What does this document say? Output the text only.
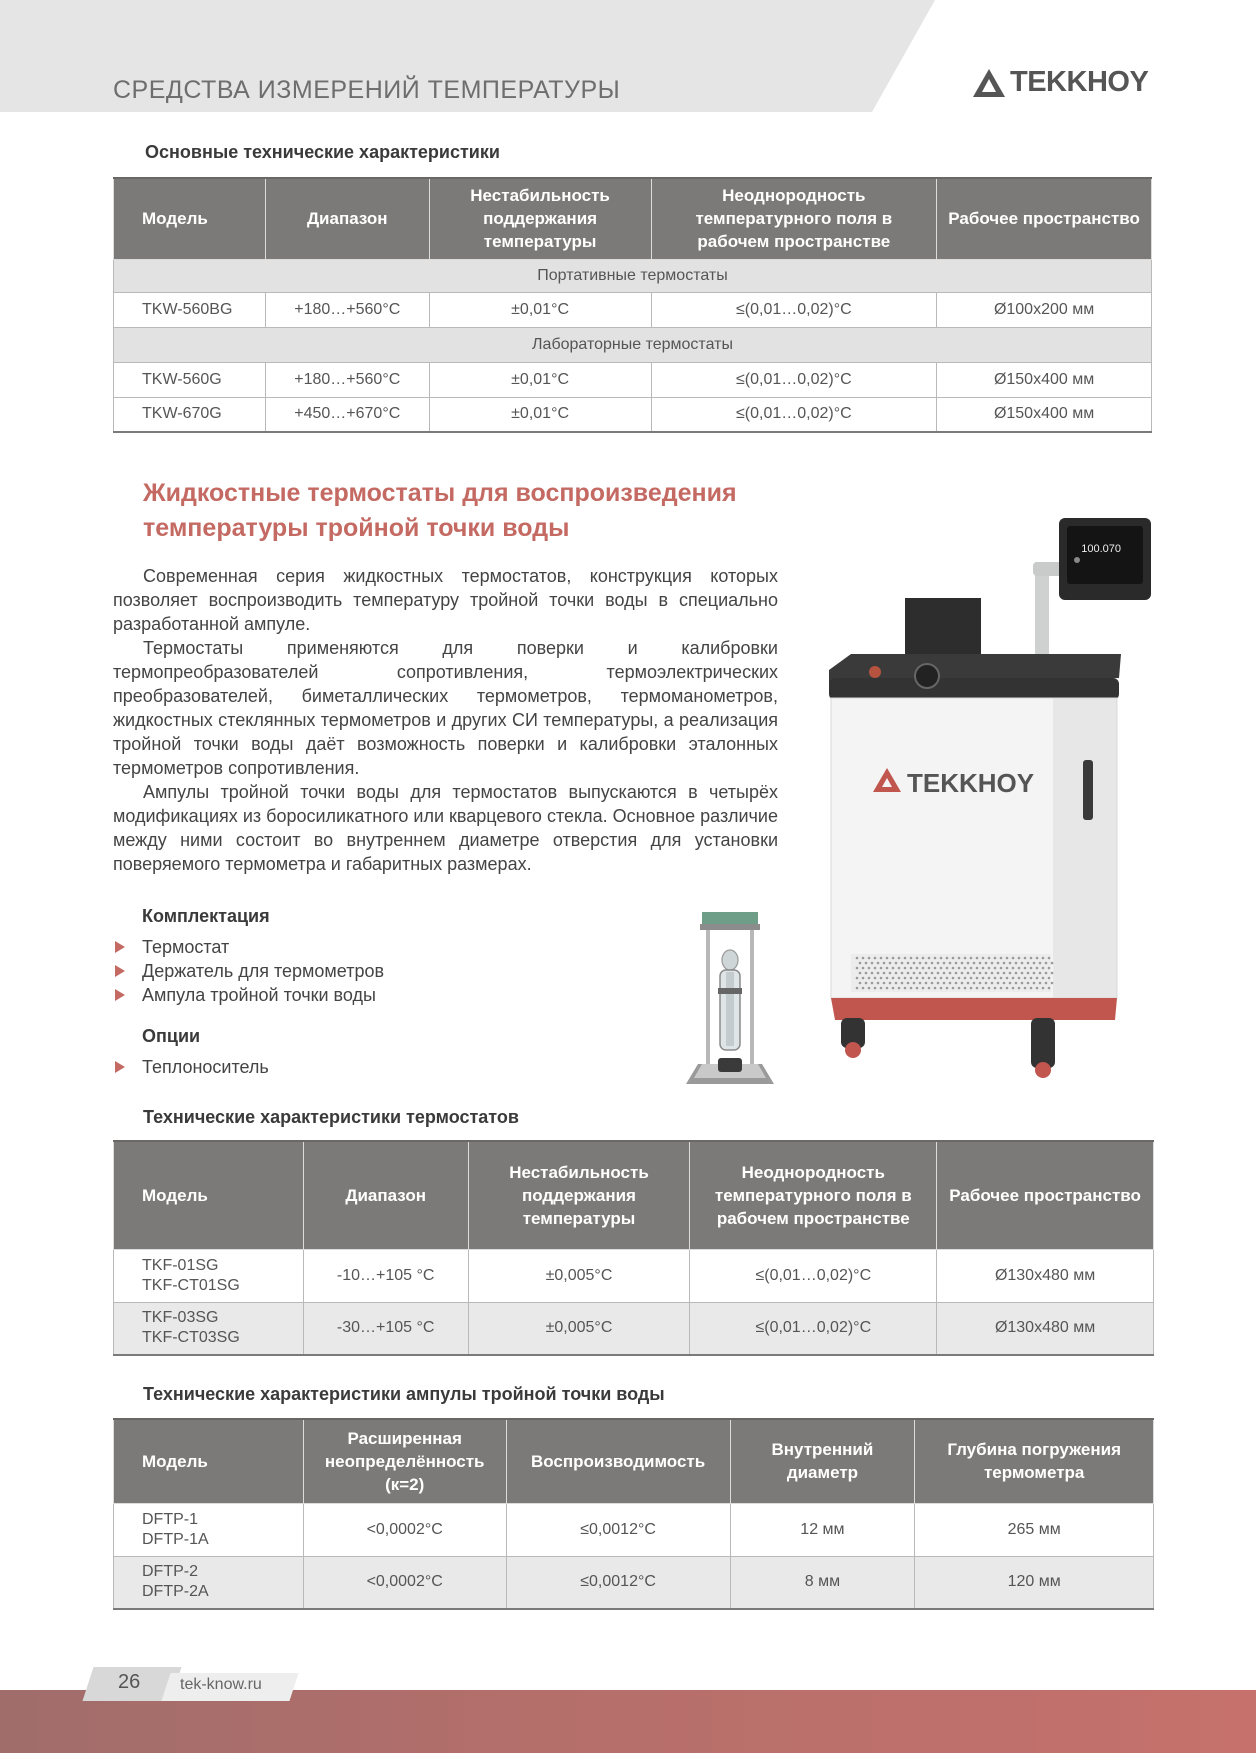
СРЕДСТВА ИЗМЕРЕНИЙ ТЕМПЕРАТУРЫ	TEKKHOY
Основные технические характеристики
Модель	Диапазон	Нестабильность поддержания температуры	Неоднородность температурного поля в рабочем пространстве	Рабочее пространство
Портативные термостаты				
TKW-560BG	+180…+560°С	±0,01°С	≤(0,01…0,02)°С	Ø100х200 мм
Лабораторные термостаты				
TKW-560G	+180…+560°С	±0,01°С	≤(0,01…0,02)°С	Ø150х400 мм
TKW-670G	+450…+670°С	±0,01°С	≤(0,01…0,02)°С	Ø150х400 мм
Жидкостные термостаты для воспроизведения температуры тройной точки воды

Современная серия жидкостных термостатов, конструкция которых позволяет воспроизводить температуру тройной точки воды в специально разработанной ампуле.

Термостаты применяются для поверки и калибровки термопреобразователей сопротивления, термоэлектрических преобразователей, биметаллических термометров, термоманометров, жидкостных стеклянных термометров и других СИ температуры, а реализация тройной точки воды даёт возможность поверки и калибровки эталонных термометров сопротивления.

Ампулы тройной точки воды для термостатов выпускаются в четырёх модификациях из боросиликатного или кварцевого стекла. Основное различие между ними состоит во внутреннем диаметре отверстия для установки поверяемого термометра и габаритных размерах.

Комплектация
Термостат
Держатель для термометров
Ампула тройной точки воды
Опции
Теплоноситель
100.070
TEKKHOY
Технические характеристики термостатов
Модель	Диапазон	Нестабильность поддержания температуры	Неоднородность температурного поля в рабочем пространстве	Рабочее пространство

TKF-01SG
TKF-CT01SG	-10…+105 °С	±0,005°С	≤(0,01…0,02)°С	Ø130х480 мм

TKF-03SG
TKF-CT03SG	-30…+105 °С	±0,005°С	≤(0,01…0,02)°С	Ø130х480 мм
Технические характеристики ампулы тройной точки воды
Модель	Расширенная неопределённость (к=2)	Воспроизводимость	Внутренний диаметр	Глубина погружения термометра

DFTP-1
DFTP-1A	<0,0002°С	≤0,0012°С	12 мм	265 мм

DFTP-2
DFTP-2A	<0,0002°С	≤0,0012°С	8 мм	120 мм
26 tek-know.ru
